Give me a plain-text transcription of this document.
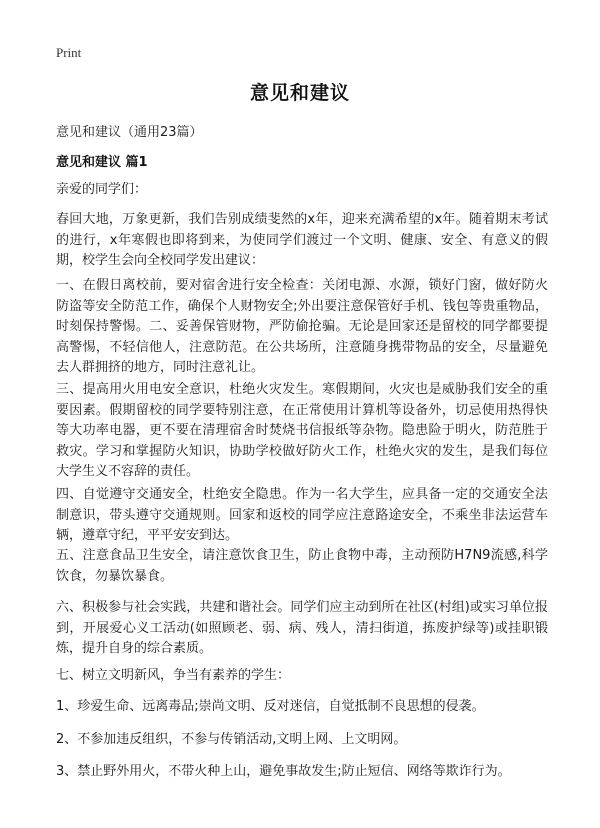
Print
意见和建议
意见和建议（通用23篇）
意见和建议 篇1
亲爱的同学们：
春回大地，万象更新，我们告别成绩斐然的x年，迎来充满希望的x年。随着期末考试的进行，x年寒假也即将到来，为使同学们渡过一个文明、健康、安全、有意义的假期，校学生会向全校同学发出建议：
一、在假日离校前，要对宿舍进行安全检查：关闭电源、水源，锁好门窗，做好防火防盗等安全防范工作，确保个人财物安全;外出要注意保管好手机、钱包等贵重物品，时刻保持警惕。二、妥善保管财物，严防偷抢骗。无论是回家还是留校的同学都要提高警惕，不轻信他人，注意防范。在公共场所，注意随身携带物品的安全，尽量避免去人群拥挤的地方，同时注意礼让。
三、提高用火用电安全意识，杜绝火灾发生。寒假期间，火灾也是威胁我们安全的重要因素。假期留校的同学要特别注意，在正常使用计算机等设备外，切忌使用热得快等大功率电器，更不要在清理宿舍时焚烧书信报纸等杂物。隐患险于明火，防范胜于救灾。学习和掌握防火知识，协助学校做好防火工作，杜绝火灾的发生，是我们每位大学生义不容辞的责任。
四、自觉遵守交通安全，杜绝安全隐患。作为一名大学生，应具备一定的交通安全法制意识，带头遵守交通规则。回家和返校的同学应注意路途安全，不乘坐非法运营车辆，遵章守纪，平平安安到达。
五、注意食品卫生安全，请注意饮食卫生，防止食物中毒，主动预防H7N9流感,科学饮食，勿暴饮暴食。
六、积极参与社会实践，共建和谐社会。同学们应主动到所在社区(村组)或实习单位报到，开展爱心义工活动(如照顾老、弱、病、残人，清扫街道，拣废护绿等)或挂职锻炼，提升自身的综合素质。
七、树立文明新风，争当有素养的学生：
1、珍爱生命、远离毒品;崇尚文明、反对迷信，自觉抵制不良思想的侵袭。
2、不参加违反组织，不参与传销活动,文明上网、上文明网。
3、禁止野外用火，不带火种上山，避免事故发生;防止短信、网络等欺诈行为。
